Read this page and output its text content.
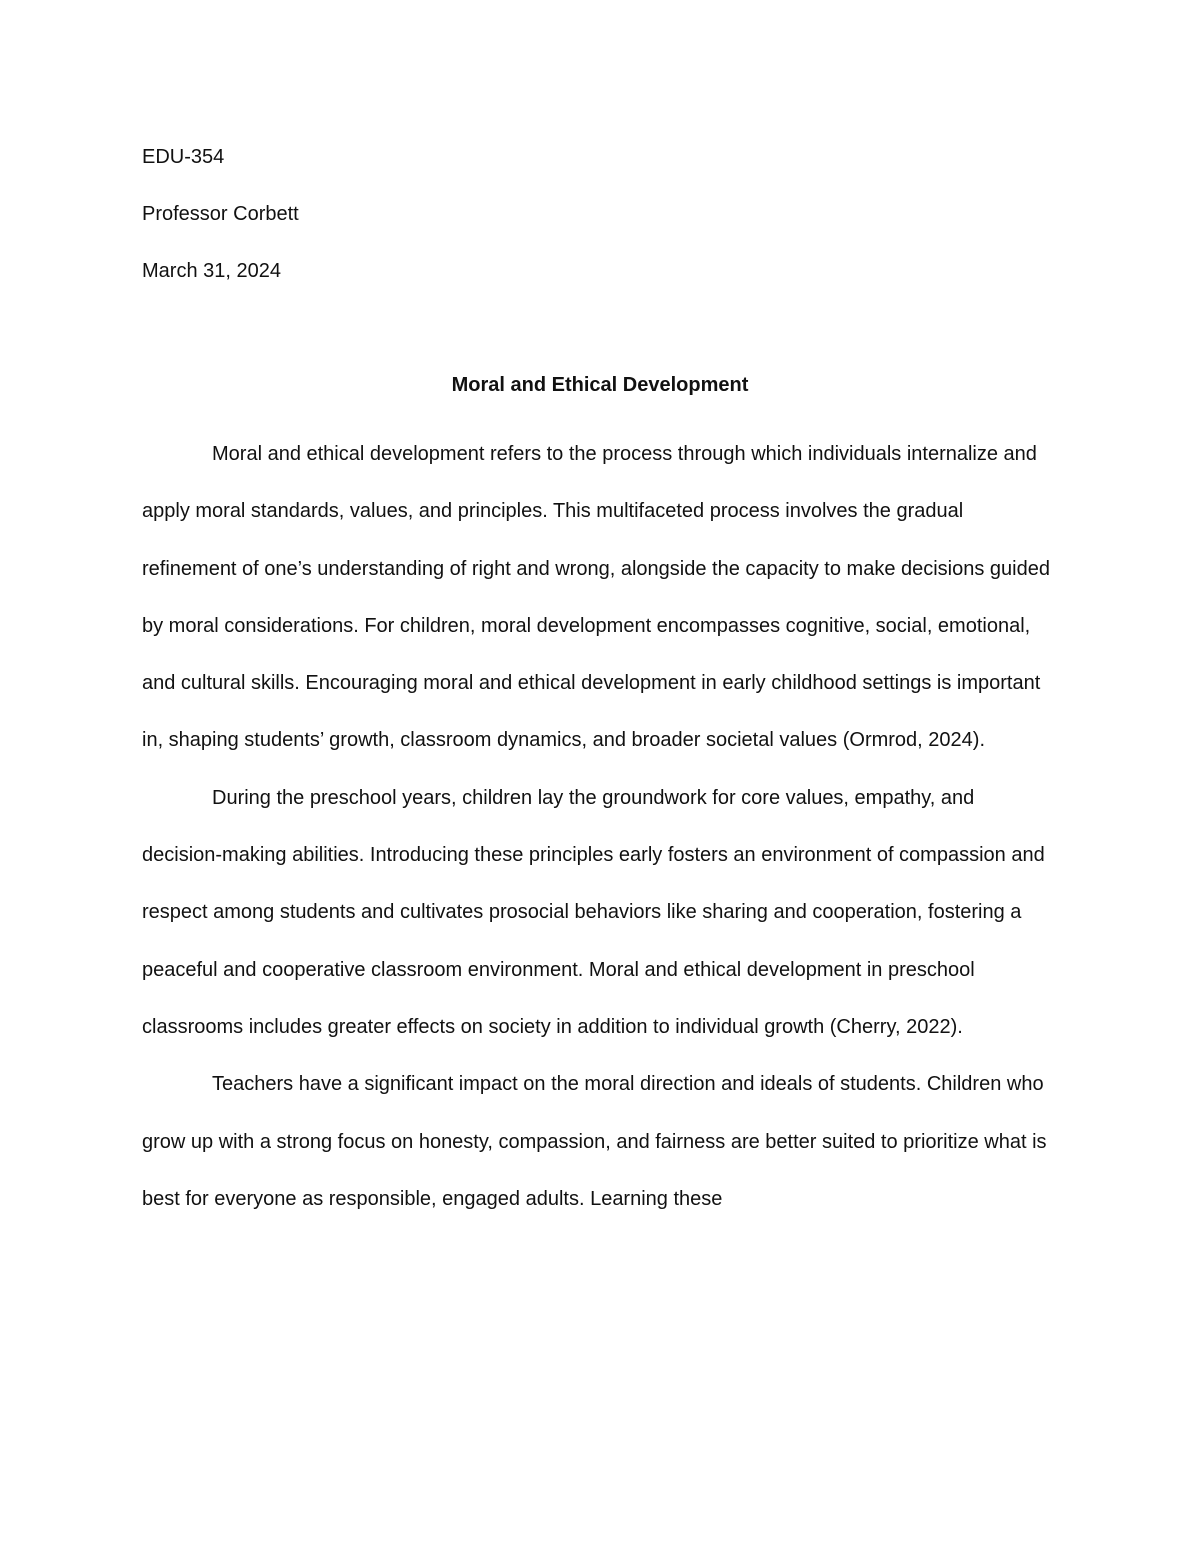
EDU-354
Professor Corbett
March 31, 2024
Moral and Ethical Development

Moral and ethical development refers to the process through which individuals internalize and apply moral standards, values, and principles. This multifaceted process involves the gradual refinement of one’s understanding of right and wrong, alongside the capacity to make decisions guided by moral considerations. For children, moral development encompasses cognitive, social, emotional, and cultural skills. Encouraging moral and ethical development in early childhood settings is important in, shaping students’ growth, classroom dynamics, and broader societal values (Ormrod, 2024).

During the preschool years, children lay the groundwork for core values, empathy, and decision-making abilities. Introducing these principles early fosters an environment of compassion and respect among students and cultivates prosocial behaviors like sharing and cooperation, fostering a peaceful and cooperative classroom environment. Moral and ethical development in preschool classrooms includes greater effects on society in addition to individual growth (Cherry, 2022).

Teachers have a significant impact on the moral direction and ideals of students. Children who grow up with a strong focus on honesty, compassion, and fairness are better suited to prioritize what is best for everyone as responsible, engaged adults. Learning these
